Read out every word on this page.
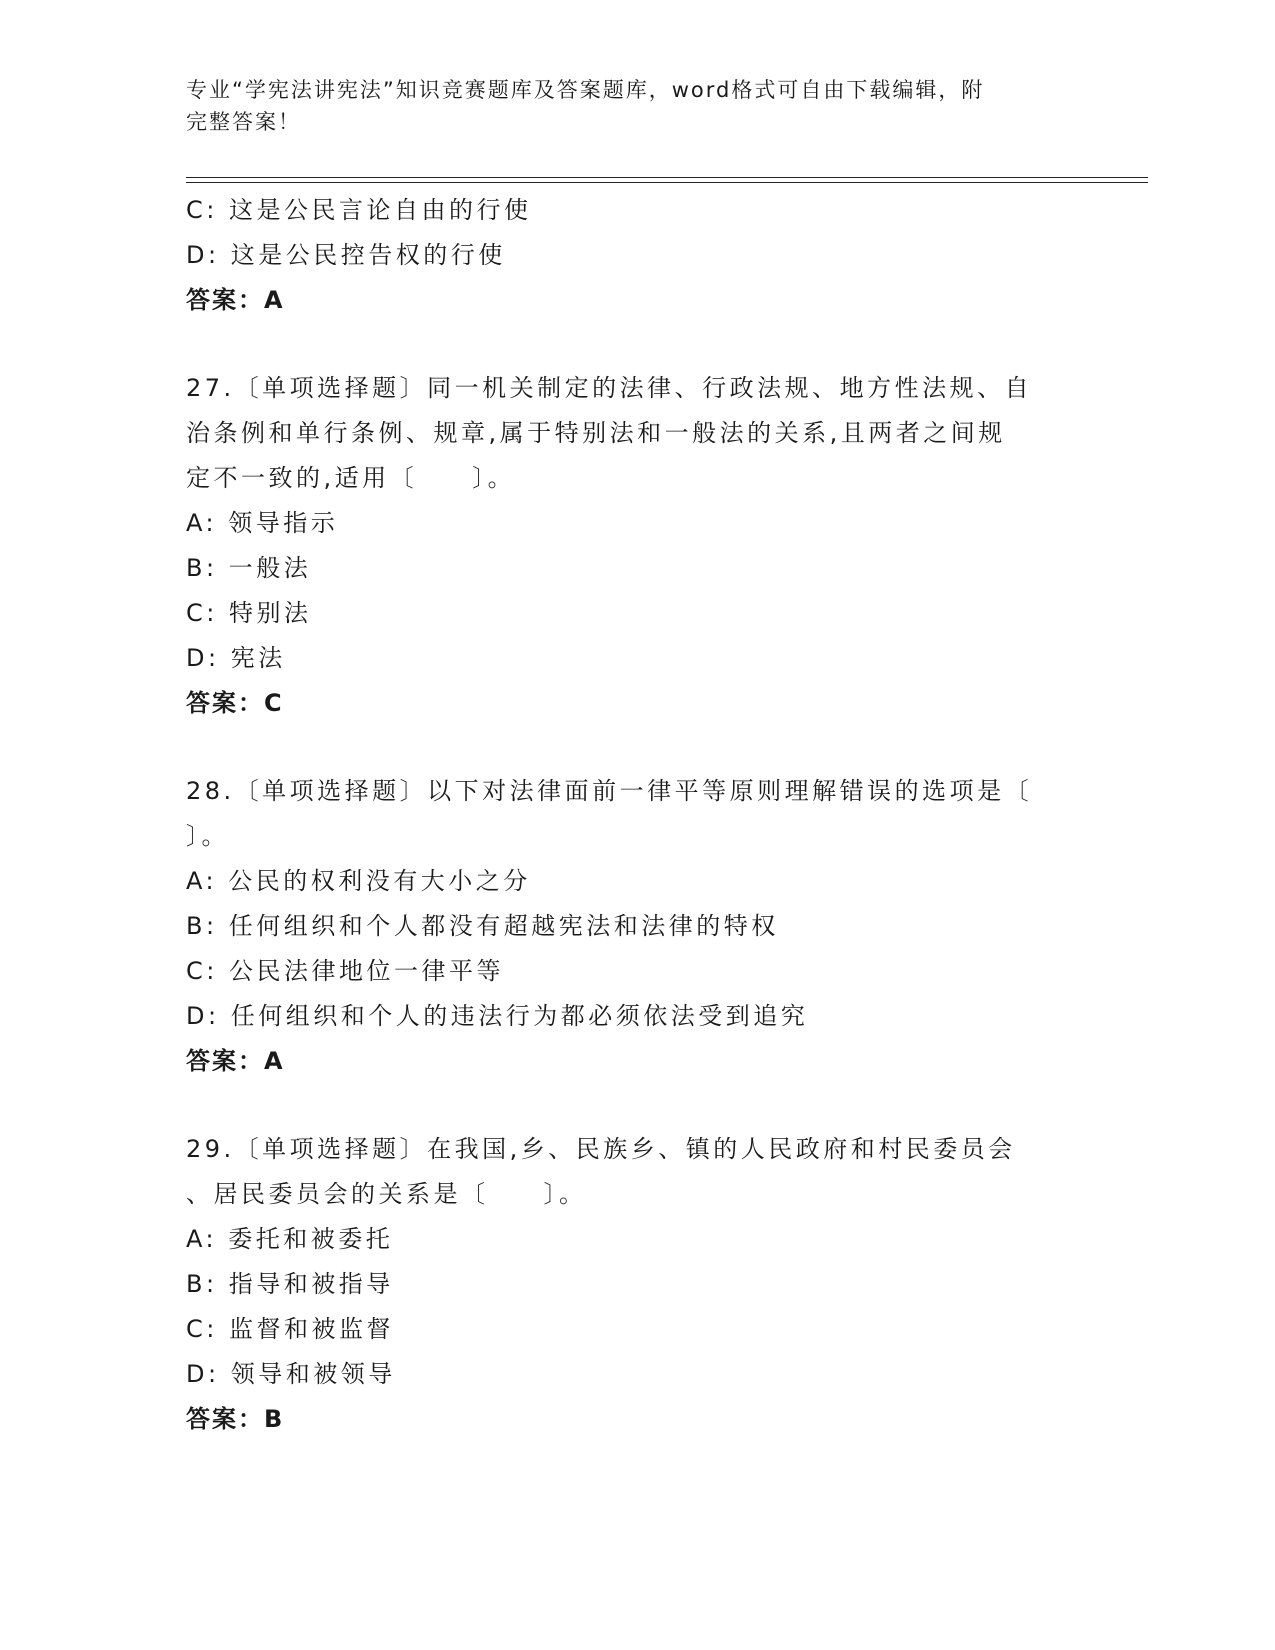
专业“学宪法讲宪法”知识竞赛题库及答案题库，word格式可自由下载编辑，附
完整答案！
C: 这是公民言论自由的行使
D: 这是公民控告权的行使
答案：A
27.〔单项选择题〕同一机关制定的法律、行政法规、地方性法规、自
治条例和单行条例、规章,属于特别法和一般法的关系,且两者之间规
定不一致的,适用〔　　〕。
A: 领导指示
B: 一般法
C: 特别法
D: 宪法
答案：C
28.〔单项选择题〕以下对法律面前一律平等原则理解错误的选项是〔
〕。
A: 公民的权利没有大小之分
B: 任何组织和个人都没有超越宪法和法律的特权
C: 公民法律地位一律平等
D: 任何组织和个人的违法行为都必须依法受到追究
答案：A
29.〔单项选择题〕在我国,乡、民族乡、镇的人民政府和村民委员会
、居民委员会的关系是〔　　〕。
A: 委托和被委托
B: 指导和被指导
C: 监督和被监督
D: 领导和被领导
答案：B
